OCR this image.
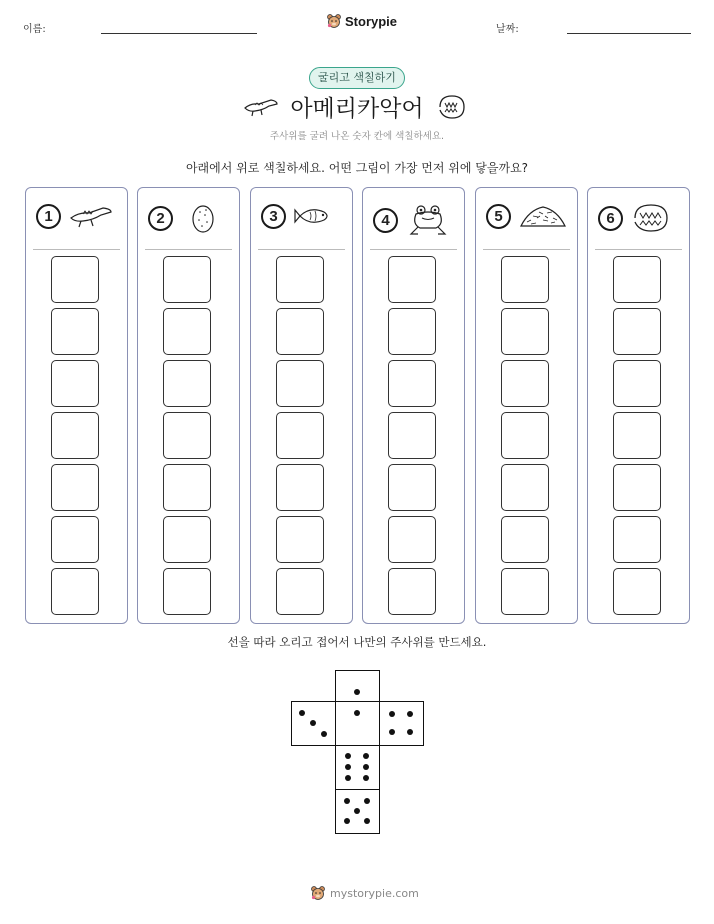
이름:
Storypie
날짜:
굴리고 색칠하기
아메리카악어
주사위를 굴려 나온 숫자 칸에 색칠하세요.
아래에서 위로 색칠하세요. 어떤 그림이 가장 먼저 위에 닿을까요?
1	2	3	4	5	6
선을 따라 오리고 접어서 나만의 주사위를 만드세요.
mystorypie.com
